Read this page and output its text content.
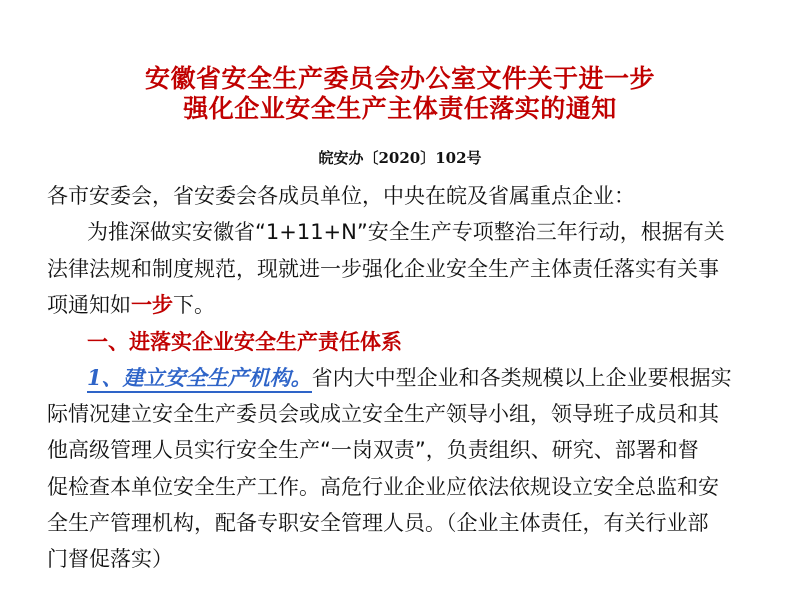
安徽省安全生产委员会办公室文件关于进一步
强化企业安全生产主体责任落实的通知
皖安办〔2020〕102号
各市安委会，省安委会各成员单位，中央在皖及省属重点企业：
为推深做实安徽省“1+11+N”安全生产专项整治三年行动，根据有关
法律法规和制度规范，现就进一步强化企业安全生产主体责任落实有关事
项通知如一步下。
一、进落实企业安全生产责任体系
1、建立安全生产机构。省内大中型企业和各类规模以上企业要根据实
际情况建立安全生产委员会或成立安全生产领导小组，领导班子成员和其
他高级管理人员实行安全生产“一岗双责”，负责组织、研究、部署和督
促检查本单位安全生产工作。高危行业企业应依法依规设立安全总监和安
全生产管理机构，配备专职安全管理人员。（企业主体责任，有关行业部
门督促落实）
